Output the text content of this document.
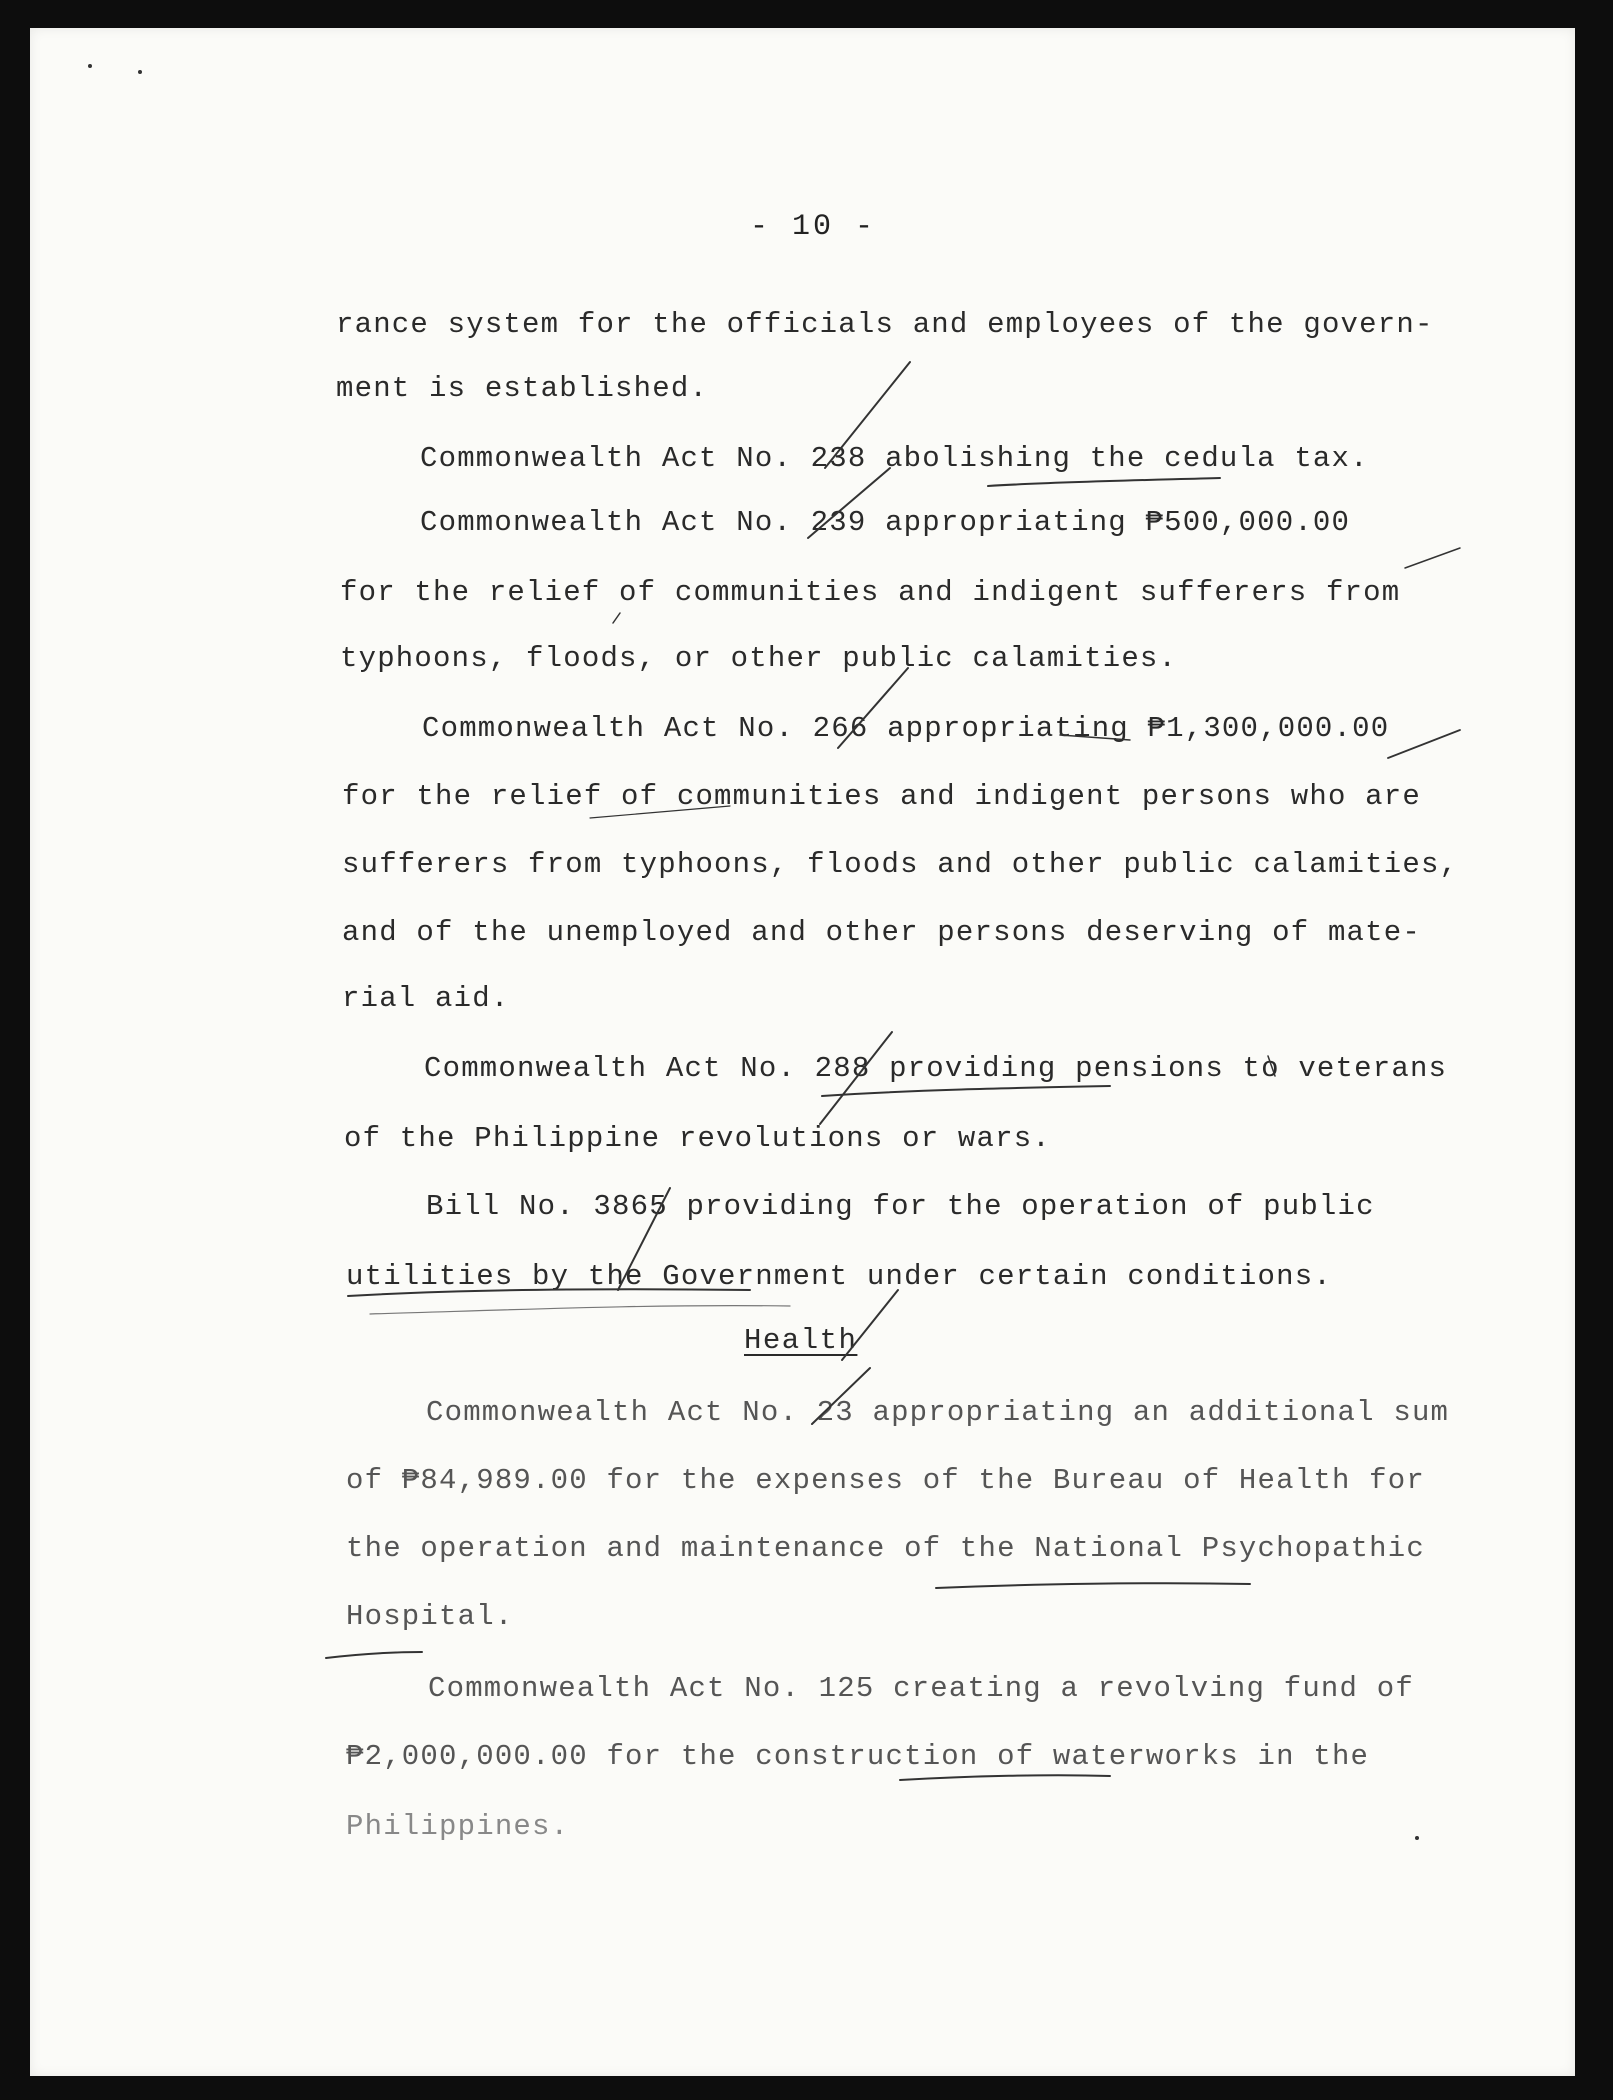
- 10 -
rance system for the officials and employees of the govern-
ment is established.
Commonwealth Act No. 238 abolishing the cedula tax.
Commonwealth Act No. 239 appropriating ₱500,000.00
for the relief of communities and indigent sufferers from
typhoons, floods, or other public calamities.
Commonwealth Act No. 266 appropriating ₱1,300,000.00
for the relief of communities and indigent persons who are
sufferers from typhoons, floods and other public calamities,
and of the unemployed and other persons deserving of mate-
rial aid.
Commonwealth Act No. 288 providing pensions to veterans
of the Philippine revolutions or wars.
Bill No. 3865 providing for the operation of public
utilities by the Government under certain conditions.
Health
Commonwealth Act No. 23 appropriating an additional sum
of ₱84,989.00 for the expenses of the Bureau of Health for
the operation and maintenance of the National Psychopathic
Hospital.
Commonwealth Act No. 125 creating a revolving fund of
₱2,000,000.00 for the construction of waterworks in the
Philippines.
